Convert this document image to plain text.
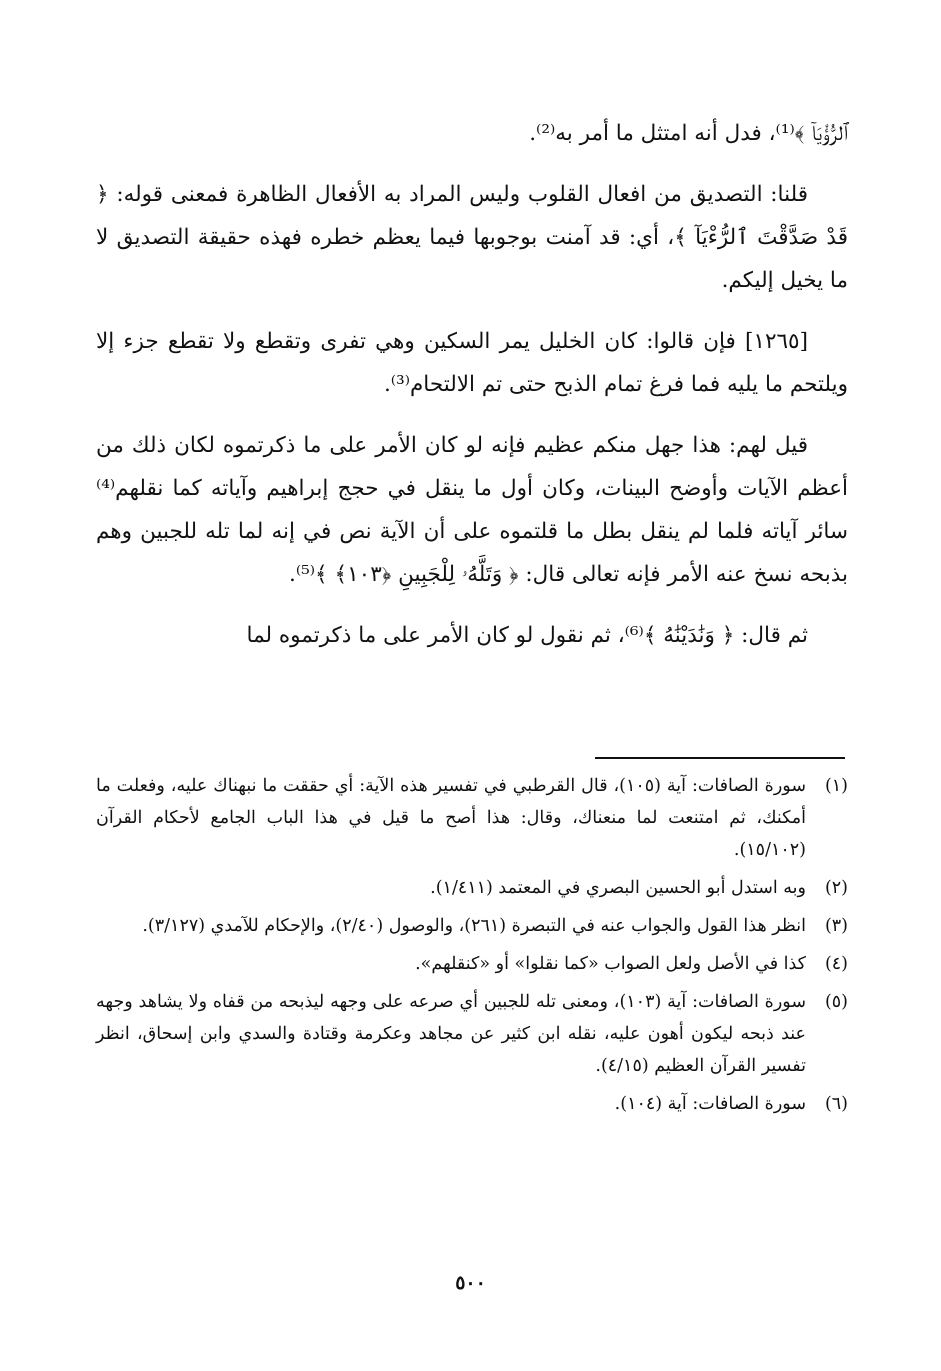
ﭐﻟﺮُّﺅْﻳَﺎٓ ﴾⁽¹⁾، فدل أنه امتثل ما أمر به⁽²⁾.

قلنا: التصديق من افعال القلوب وليس المراد به الأفعال الظاهرة فمعنى قوله: ﴿ قَدْ صَدَّقْتَ ٱلرُّءْيَآ ﴾، أي: قد آمنت بوجوبها فيما يعظم خطره فهذه حقيقة التصديق لا ما يخيل إليكم.

[١٢٦٥] فإن قالوا: كان الخليل يمر السكين وهي تفرى وتقطع ولا تقطع جزء إلا ويلتحم ما يليه فما فرغ تمام الذبح حتى تم الالتحام⁽³⁾.

قيل لهم: هذا جهل منكم عظيم فإنه لو كان الأمر على ما ذكرتموه لكان ذلك من أعظم الآيات وأوضح البينات، وكان أول ما ينقل في حجج إبراهيم وآياته كما نقلهم⁽⁴⁾ سائر آياته فلما لم ينقل بطل ما قلتموه على أن الآية نص في إنه لما تله للجبين وهم بذبحه نسخ عنه الأمر فإنه تعالى قال: ﴿ وَتَلَّهُۥ لِلْجَبِينِ ﴿١٠٣﴾ ﴾⁽⁵⁾.

ثم قال: ﴿ وَنَٰدَيْنَٰهُ ﴾⁽⁶⁾، ثم نقول لو كان الأمر على ما ذكرتموه لما

(١)
سورة الصافات: آية (١٠٥)، قال القرطبي في تفسير هذه الآية: أي حققت ما نبهناك عليه، وفعلت ما أمكنك، ثم امتنعت لما منعناك، وقال: هذا أصح ما قيل في هذا الباب الجامع لأحكام القرآن (١٥/١٠٢).
(٢)
وبه استدل أبو الحسين البصري في المعتمد (١/٤١١).
(٣)
انظر هذا القول والجواب عنه في التبصرة (٢٦١)، والوصول (٢/٤٠)، والإحكام للآمدي (٣/١٢٧).
(٤)
كذا في الأصل ولعل الصواب «كما نقلوا» أو «كنقلهم».
(٥)
سورة الصافات: آية (١٠٣)، ومعنى تله للجبين أي صرعه على وجهه ليذبحه من قفاه ولا يشاهد وجهه عند ذبحه ليكون أهون عليه، نقله ابن كثير عن مجاهد وعكرمة وقتادة والسدي وابن إسحاق، انظر تفسير القرآن العظيم (٤/١٥).
(٦)
سورة الصافات: آية (١٠٤).
٥٠٠
